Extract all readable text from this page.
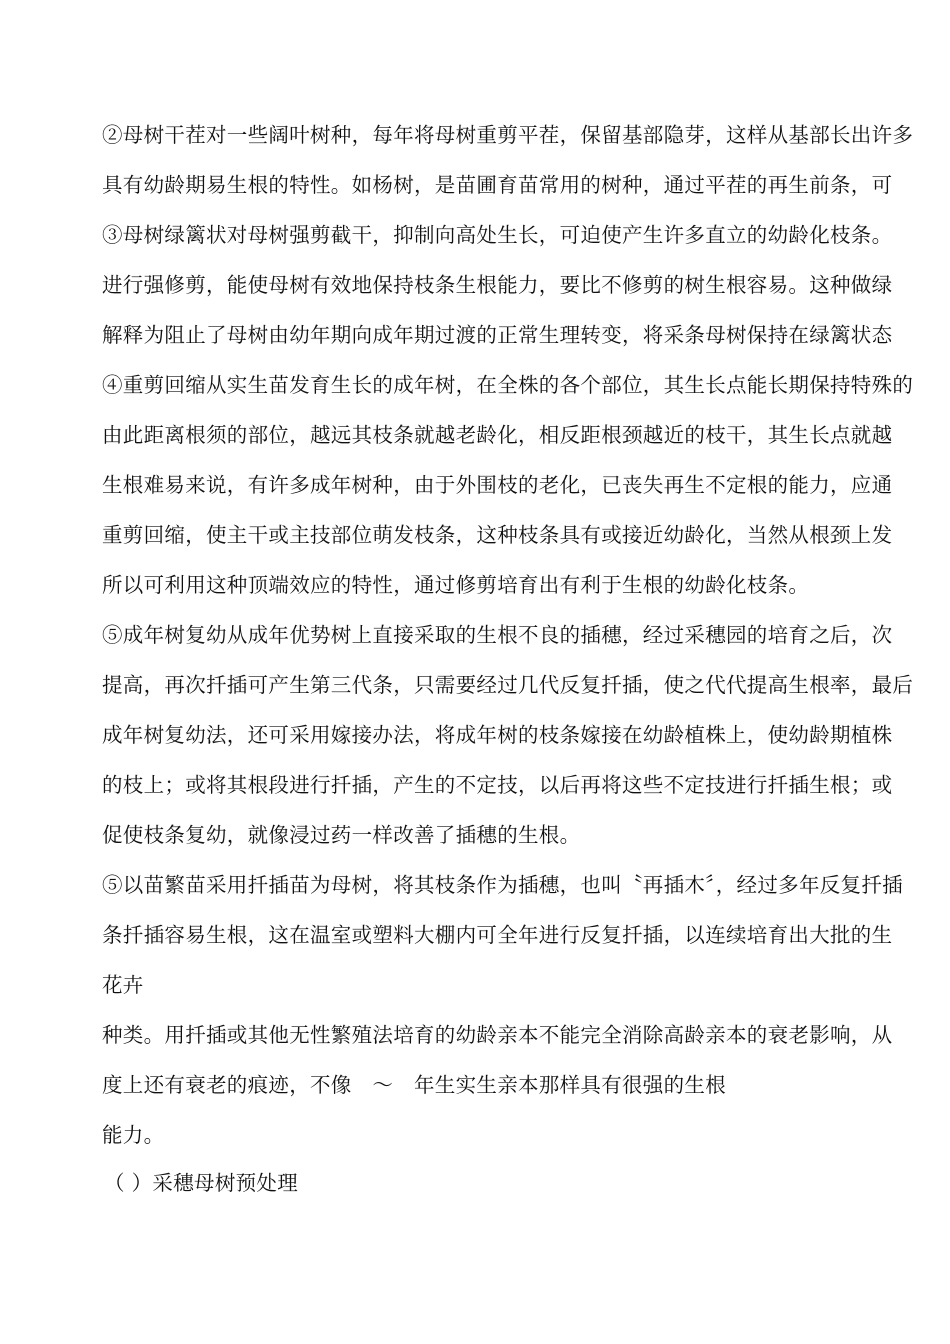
②母树干茬对一些阔叶树种，每年将母树重剪平茬，保留基部隐芽，这样从基部长出许多
具有幼龄期易生根的特性。如杨树，是苗圃育苗常用的树种，通过平茬的再生前条，可
③母树绿篱状对母树强剪截干，抑制向高处生长，可迫使产生许多直立的幼龄化枝条。
进行强修剪，能使母树有效地保持枝条生根能力，要比不修剪的树生根容易。这种做绿
解释为阻止了母树由幼年期向成年期过渡的正常生理转变，将采条母树保持在绿篱状态
④重剪回缩从实生苗发育生长的成年树，在全株的各个部位，其生长点能长期保持特殊的
由此距离根须的部位，越远其枝条就越老龄化，相反距根颈越近的枝干，其生长点就越
生根难易来说，有许多成年树种，由于外围枝的老化，已丧失再生不定根的能力，应通
重剪回缩，使主干或主技部位萌发枝条，这种枝条具有或接近幼龄化，当然从根颈上发
所以可利用这种顶端效应的特性，通过修剪培育出有利于生根的幼龄化枝条。
⑤成年树复幼从成年优势树上直接采取的生根不良的插穗，经过采穗园的培育之后，次
提高，再次扦插可产生第三代条，只需要经过几代反复扦插，使之代代提高生根率，最后
成年树复幼法，还可采用嫁接办法，将成年树的枝条嫁接在幼龄植株上，使幼龄期植株
的枝上；或将其根段进行扦插，产生的不定技，以后再将这些不定技进行扦插生根；或
促使枝条复幼，就像浸过药一样改善了插穗的生根。
⑤以苗繁苗采用扦插苗为母树，将其枝条作为插穗，也叫〝再插木〞，经过多年反复扦插
条扦插容易生根，这在温室或塑料大棚内可全年进行反复扦插，以连续培育出大批的生
花卉
种类。用扦插或其他无性繁殖法培育的幼龄亲本不能完全消除高龄亲本的衰老影响，从
度上还有衰老的痕迹，不像　～　年生实生亲本那样具有很强的生根
能力。
（ ）采穗母树预处理
